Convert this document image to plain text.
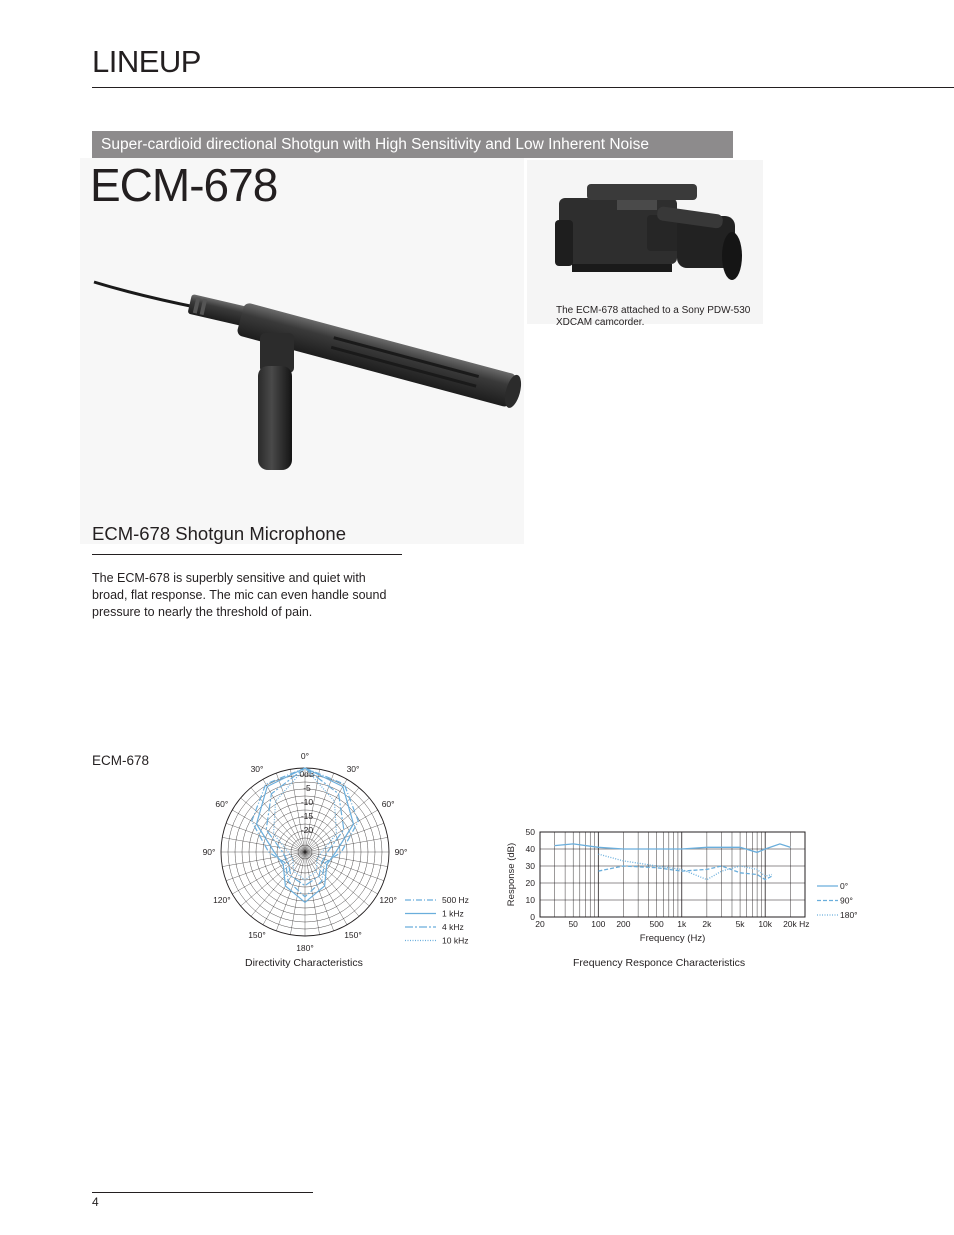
LINEUP
Super-cardioid directional Shotgun with High Sensitivity and Low Inherent Noise
ECM-678
The ECM-678 attached to a Sony PDW-530 XDCAM camcorder.
ECM-678 Shotgun Microphone
The ECM-678 is superbly sensitive and quiet with broad, flat response. The mic can even handle sound pressure to nearly the threshold of pain.
ECM-678	0°
30°
60°
90°
120°
150°
180°
30°
60°
90°
120°
150°
0dB
-5
-10
-15
-20
500 Hz
1 kHz
4 kHz
10 kHz
0
10
20
30
40
50
20	50 100 200 500 1k 2k	5k 10k 20k Hz
Frequency (Hz)
Response (dB)	0°
90°
180°
Directivity Characteristics	Frequency Responce Characteristics
4
